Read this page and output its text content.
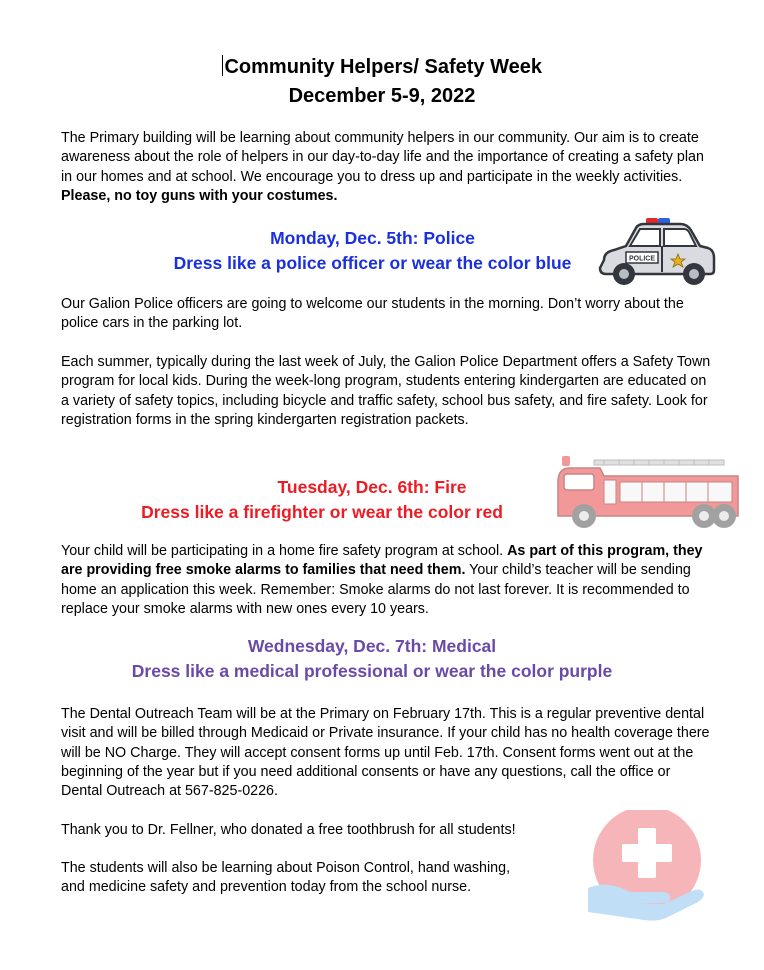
Community Helpers/ Safety Week
December 5-9, 2022
The Primary building will be learning about community helpers in our community. Our aim is to create awareness about the role of helpers in our day-to-day life and the importance of creating a safety plan in our homes and at school. We encourage you to dress up and participate in the weekly activities. Please, no toy guns with your costumes.
Monday, Dec. 5th: Police
Dress like a police officer or wear the color blue	POLICE
Our Galion Police officers are going to welcome our students in the morning. Don’t worry about the police cars in the parking lot.
Each summer, typically during the last week of July, the Galion Police Department offers a Safety Town program for local kids. During the week-long program, students entering kindergarten are educated on a variety of safety topics, including bicycle and traffic safety, school bus safety, and fire safety. Look for registration forms in the spring kindergarten registration packets.
Tuesday, Dec. 6th: Fire
Dress like a firefighter or wear the color red
Your child will be participating in a home fire safety program at school. As part of this program, they are providing free smoke alarms to families that need them. Your child’s teacher will be sending home an application this week. Remember: Smoke alarms do not last forever. It is recommended to replace your smoke alarms with new ones every 10 years.
Wednesday, Dec. 7th: Medical
Dress like a medical professional or wear the color purple
The Dental Outreach Team will be at the Primary on February 17th. This is a regular preventive dental visit and will be billed through Medicaid or Private insurance. If your child has no health coverage there will be NO Charge. They will accept consent forms up until Feb. 17th. Consent forms went out at the beginning of the year but if you need additional consents or have any questions, call the office or Dental Outreach at 567-825-0226.
Thank you to Dr. Fellner, who donated a free toothbrush for all students!
The students will also be learning about Poison Control, hand washing,
and medicine safety and prevention today from the school nurse.
